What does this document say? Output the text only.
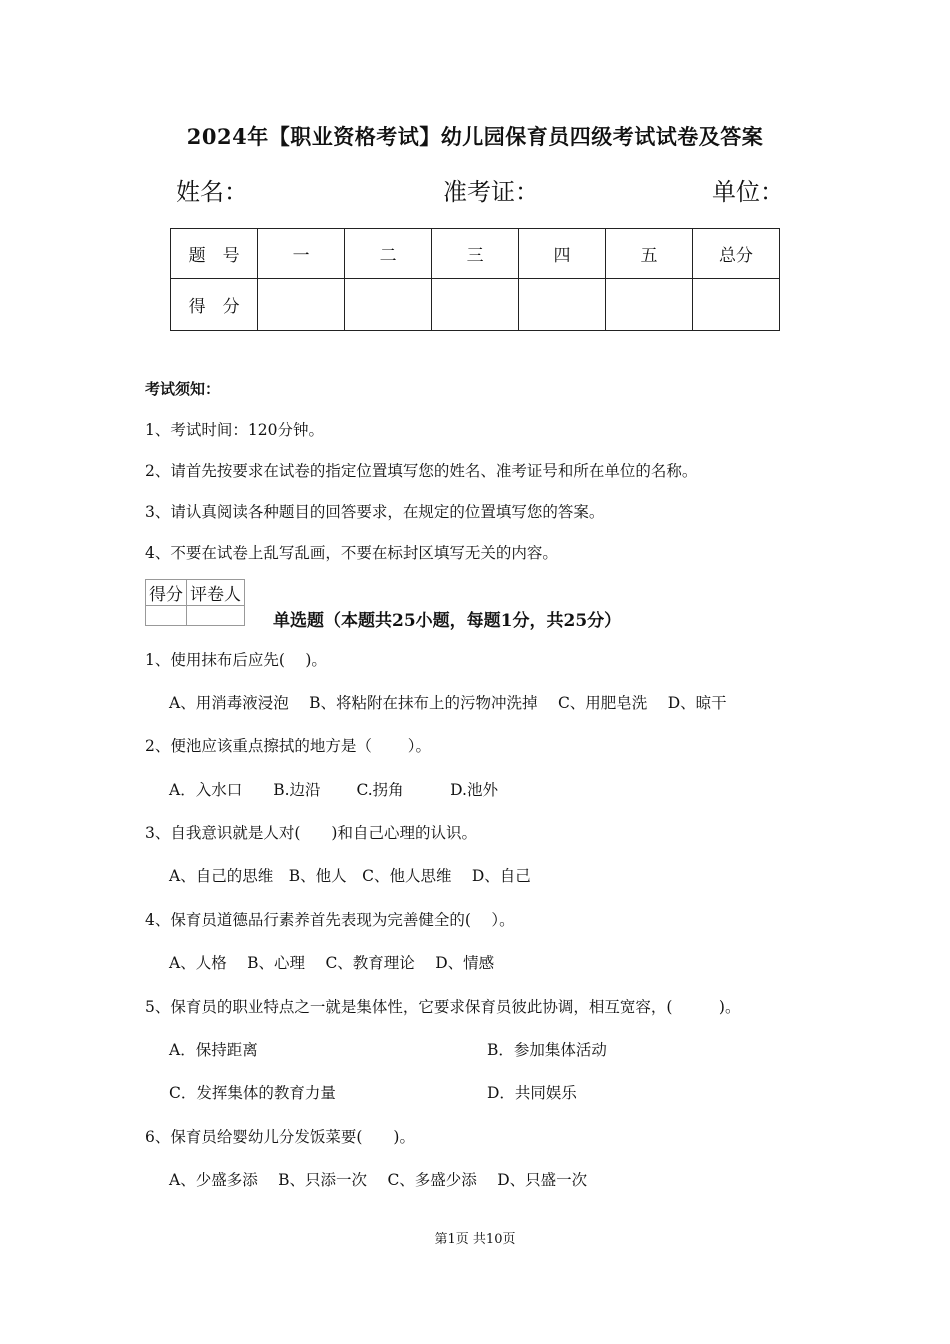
2024年【职业资格考试】幼儿园保育员四级考试试卷及答案
姓名：	准考证：	单位：
题　号	一	二	三	四	五	总分
得　分						
考试须知：
1、考试时间：120分钟。
2、请首先按要求在试卷的指定位置填写您的姓名、准考证号和所在单位的名称。
3、请认真阅读各种题目的回答要求，在规定的位置填写您的答案。
4、不要在试卷上乱写乱画，不要在标封区填写无关的内容。
得分	评卷人

单选题（本题共25小题，每题1分，共25分）
1、使用抹布后应先(　 )。
A、用消毒液浸泡　 B、将粘附在抹布上的污物冲洗掉　 C、用肥皂洗　 D、晾干
2、便池应该重点擦拭的地方是（　　 ）。
A．入水口　　B.边沿　　 C.拐角　　　D.池外
3、自我意识就是人对(　　)和自己心理的认识。
A、自己的思维　B、他人　C、他人思维　 D、自己
4、保育员道德品行素养首先表现为完善健全的(　 ）。
A、人格　 B、心理　 C、教育理论　 D、情感
5、保育员的职业特点之一就是集体性，它要求保育员彼此协调，相互宽容，(　　　)。
A．保持距离	B．参加集体活动
C．发挥集体的教育力量	D．共同娱乐
6、保育员给婴幼儿分发饭菜要(　　)。
A、少盛多添　 B、只添一次　 C、多盛少添　 D、只盛一次
第1页 共10页
